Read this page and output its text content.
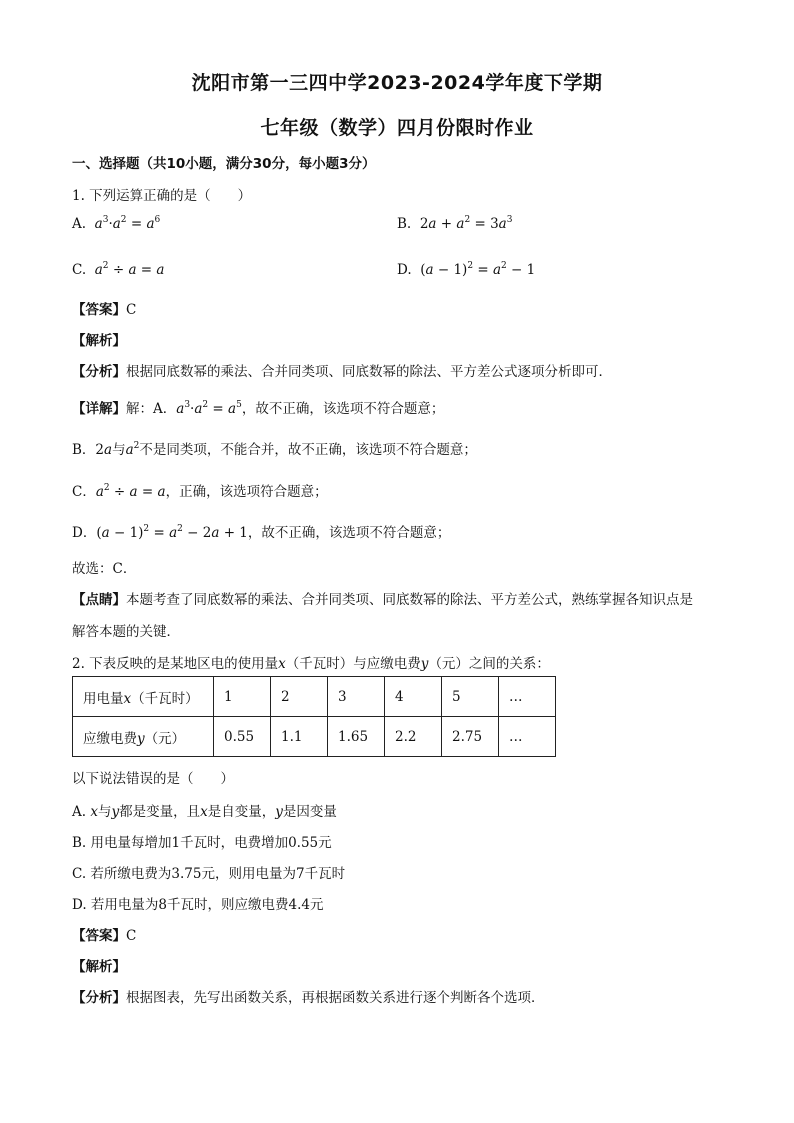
沈阳市第一三四中学2023-2024学年度下学期
七年级（数学）四月份限时作业
一、选择题（共10小题，满分30分，每小题3分）
1. 下列运算正确的是（　　）
A. $a^3\cdot a^2 = a^6$	B. $2a + a^2 = 3a^3$
C. $a^2 \div a = a$	D. $(a - 1)^2 = a^2 - 1$
【答案】C
【解析】
【分析】根据同底数幂的乘法、合并同类项、同底数幂的除法、平方差公式逐项分析即可．
【详解】解：A．$a^3\cdot a^2 = a^5$，故不正确，该选项不符合题意；
B．2a与$a^2$不是同类项，不能合并，故不正确，该选项不符合题意；
C．$a^2 \div a = a$，正确，该选项符合题意；
D．$(a - 1)^2 = a^2 - 2a + 1$，故不正确，该选项不符合题意；
故选：C．
【点睛】本题考查了同底数幂的乘法、合并同类项、同底数幂的除法、平方差公式，熟练掌握各知识点是
解答本题的关键．
2. 下表反映的是某地区电的使用量x（千瓦时）与应缴电费y（元）之间的关系：
用电量x（千瓦时）	1	2	3	4	5	…
应缴电费y（元）	0.55	1.1	1.65	2.2	2.75	…
以下说法错误的是（　　）
A. x与y都是变量，且x是自变量，y是因变量
B. 用电量每增加1千瓦时，电费增加0.55元
C. 若所缴电费为3.75元，则用电量为7千瓦时
D. 若用电量为8千瓦时，则应缴电费4.4元
【答案】C
【解析】
【分析】根据图表，先写出函数关系，再根据函数关系进行逐个判断各个选项．
